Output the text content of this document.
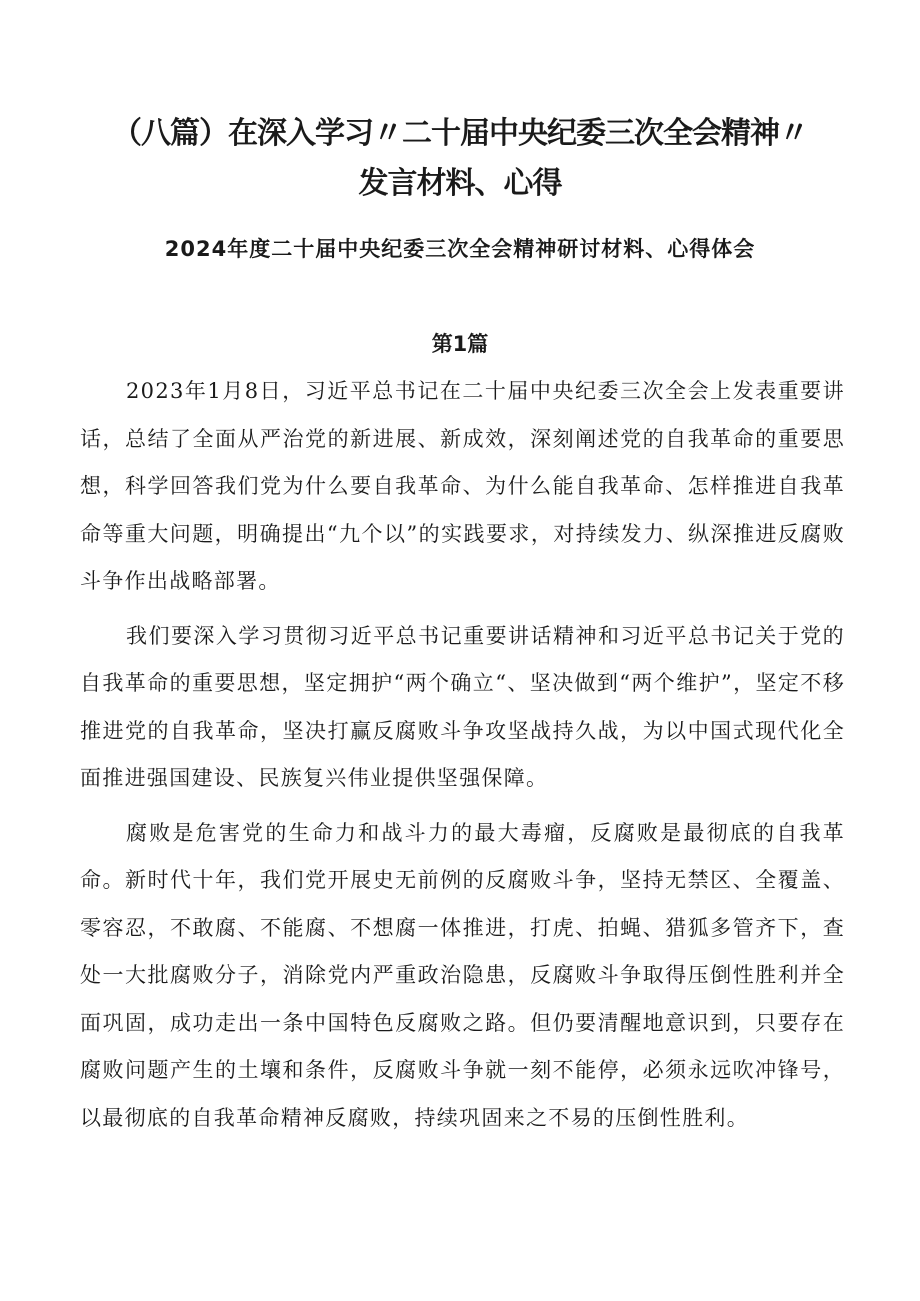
（八篇）在深入学习〃二十届中央纪委三次全会精神〃
发言材料、心得
2024年度二十届中央纪委三次全会精神研讨材料、心得体会
第1篇

2023年1月8日，习近平总书记在二十届中央纪委三次全会上发表重要讲话，总结了全面从严治党的新进展、新成效，深刻阐述党的自我革命的重要思想，科学回答我们党为什么要自我革命、为什么能自我革命、怎样推进自我革命等重大问题，明确提出“九个以”的实践要求，对持续发力、纵深推进反腐败斗争作出战略部署。

我们要深入学习贯彻习近平总书记重要讲话精神和习近平总书记关于党的自我革命的重要思想，坚定拥护“两个确立“、坚决做到“两个维护”，坚定不移推进党的自我革命，坚决打赢反腐败斗争攻坚战持久战，为以中国式现代化全面推进强国建设、民族复兴伟业提供坚强保障。

腐败是危害党的生命力和战斗力的最大毒瘤，反腐败是最彻底的自我革命。新时代十年，我们党开展史无前例的反腐败斗争，坚持无禁区、全覆盖、零容忍，不敢腐、不能腐、不想腐一体推进，打虎、拍蝇、猎狐多管齐下，查处一大批腐败分子，消除党内严重政治隐患，反腐败斗争取得压倒性胜利并全面巩固，成功走出一条中国特色反腐败之路。但仍要清醒地意识到，只要存在腐败问题产生的土壤和条件，反腐败斗争就一刻不能停，必须永远吹冲锋号，以最彻底的自我革命精神反腐败，持续巩固来之不易的压倒性胜利。
